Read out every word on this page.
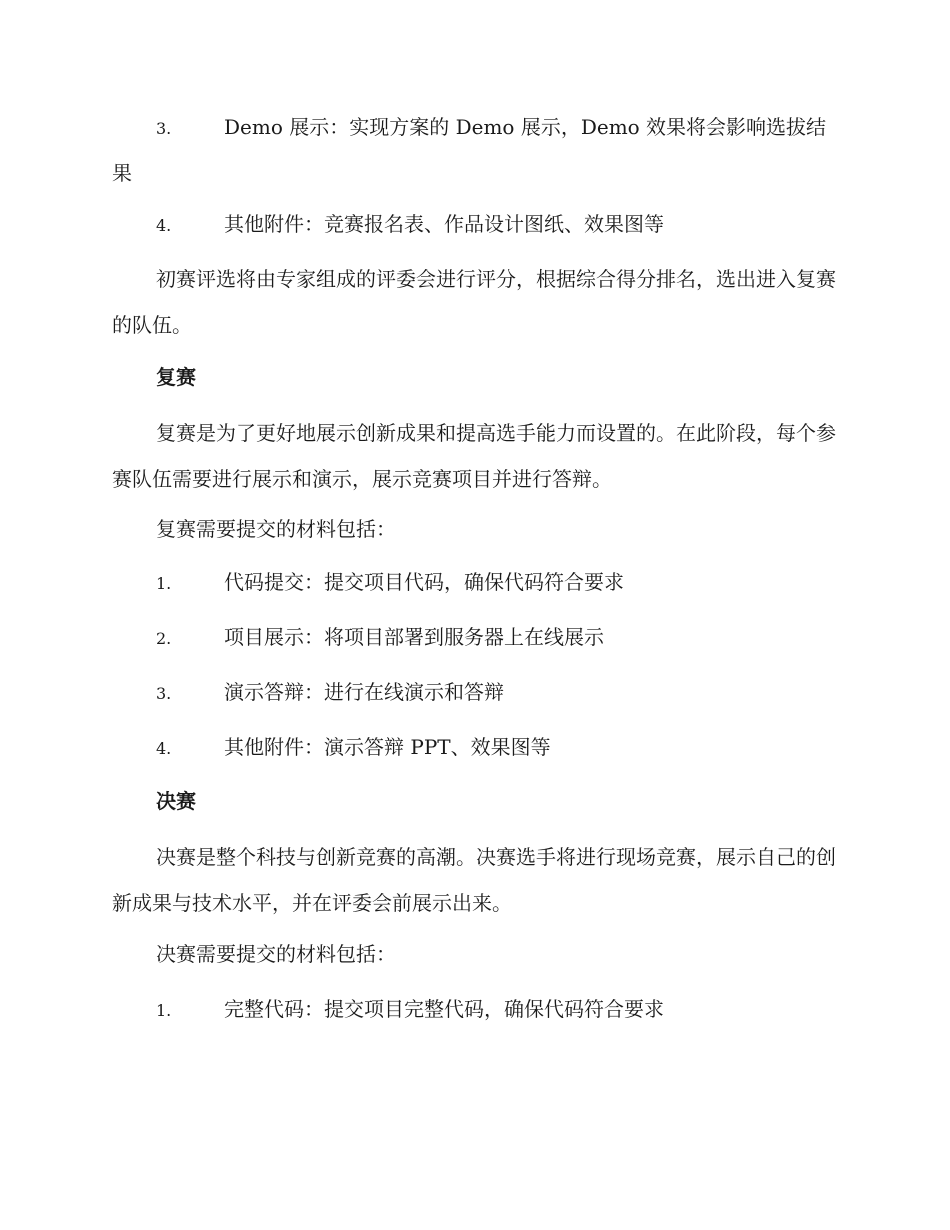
3.	Demo 展示：实现方案的 Demo 展示，Demo 效果将会影响选拔结果
4.	其他附件：竞赛报名表、作品设计图纸、效果图等

初赛评选将由专家组成的评委会进行评分，根据综合得分排名，选出进入复赛的队伍。

复赛

复赛是为了更好地展示创新成果和提高选手能力而设置的。在此阶段，每个参赛队伍需要进行展示和演示，展示竞赛项目并进行答辩。

复赛需要提交的材料包括：

1.	代码提交：提交项目代码，确保代码符合要求
2.	项目展示：将项目部署到服务器上在线展示
3.	演示答辩：进行在线演示和答辩
4.	其他附件：演示答辩 PPT、效果图等
决赛

决赛是整个科技与创新竞赛的高潮。决赛选手将进行现场竞赛，展示自己的创新成果与技术水平，并在评委会前展示出来。

决赛需要提交的材料包括：

1.	完整代码：提交项目完整代码，确保代码符合要求
